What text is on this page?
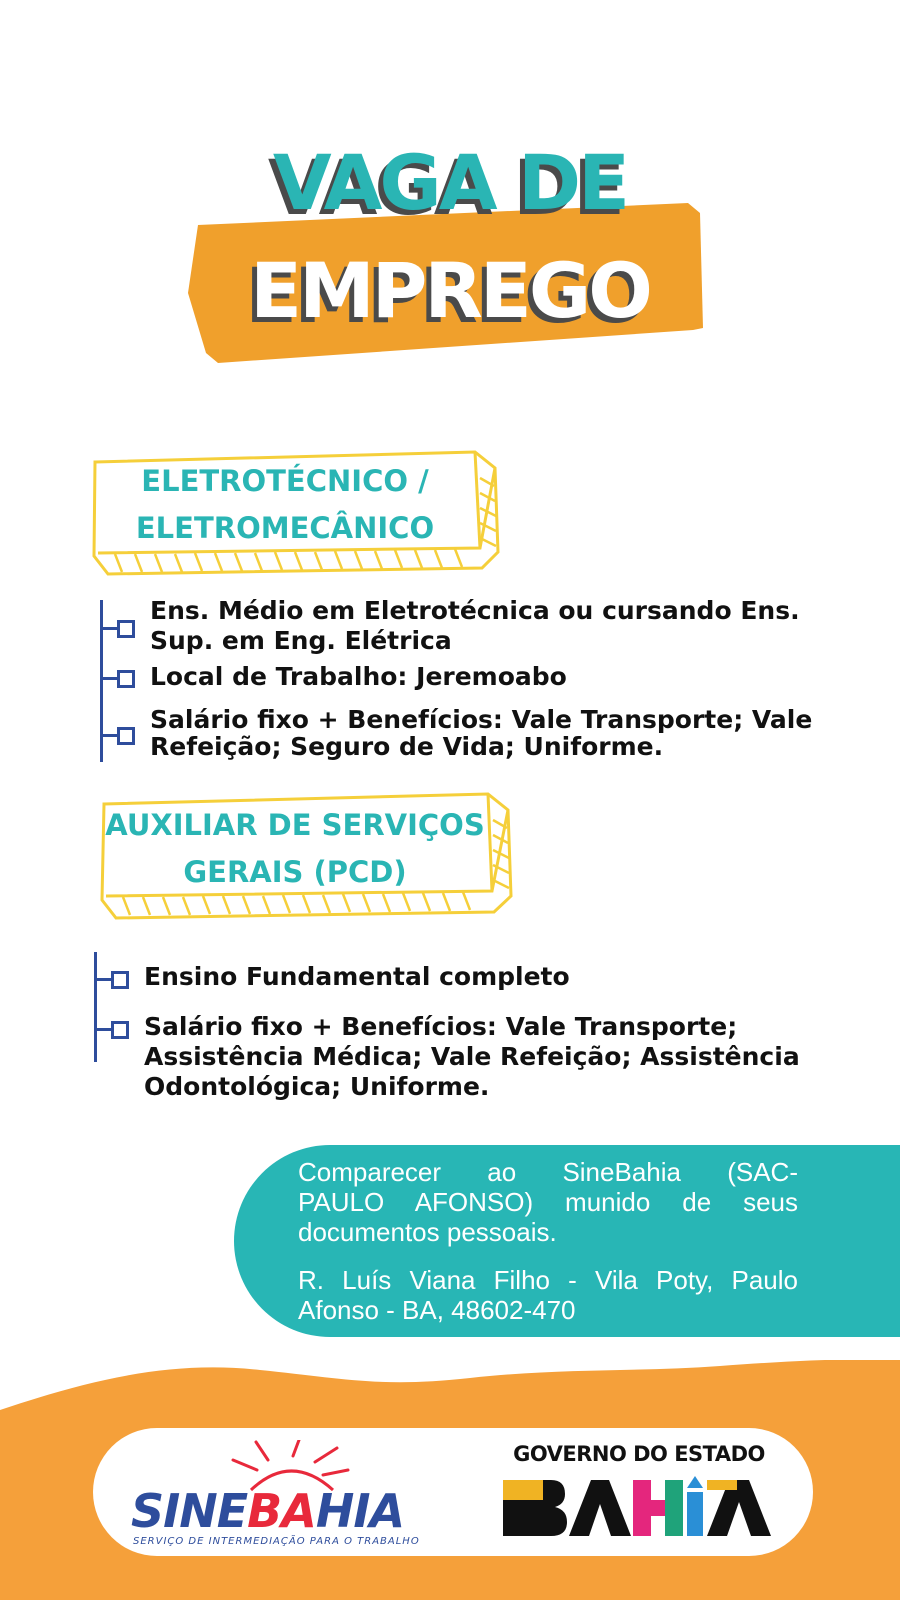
VAGA DE
EMPREGO
ELETROTÉCNICO /
ELETROMECÂNICO
Ens. Médio em Eletrotécnica ou cursando Ens.
Sup. em Eng. Elétrica
Local de Trabalho: Jeremoabo
Salário fixo + Benefícios: Vale Transporte; Vale
Refeição; Seguro de Vida; Uniforme.
AUXILIAR DE SERVIÇOS
GERAIS (PCD)
Ensino Fundamental completo
Salário fixo + Benefícios: Vale Transporte;
Assistência Médica; Vale Refeição; Assistência
Odontológica; Uniforme.
Comparecer ao SineBahia (SAC-
PAULO AFONSO) munido de seus
documentos pessoais.
R. Luís Viana Filho - Vila Poty, Paulo
Afonso - BA, 48602-470
SINEBAHIA
SERVIÇO DE INTERMEDIAÇÃO PARA O TRABALHO
GOVERNO DO ESTADO
